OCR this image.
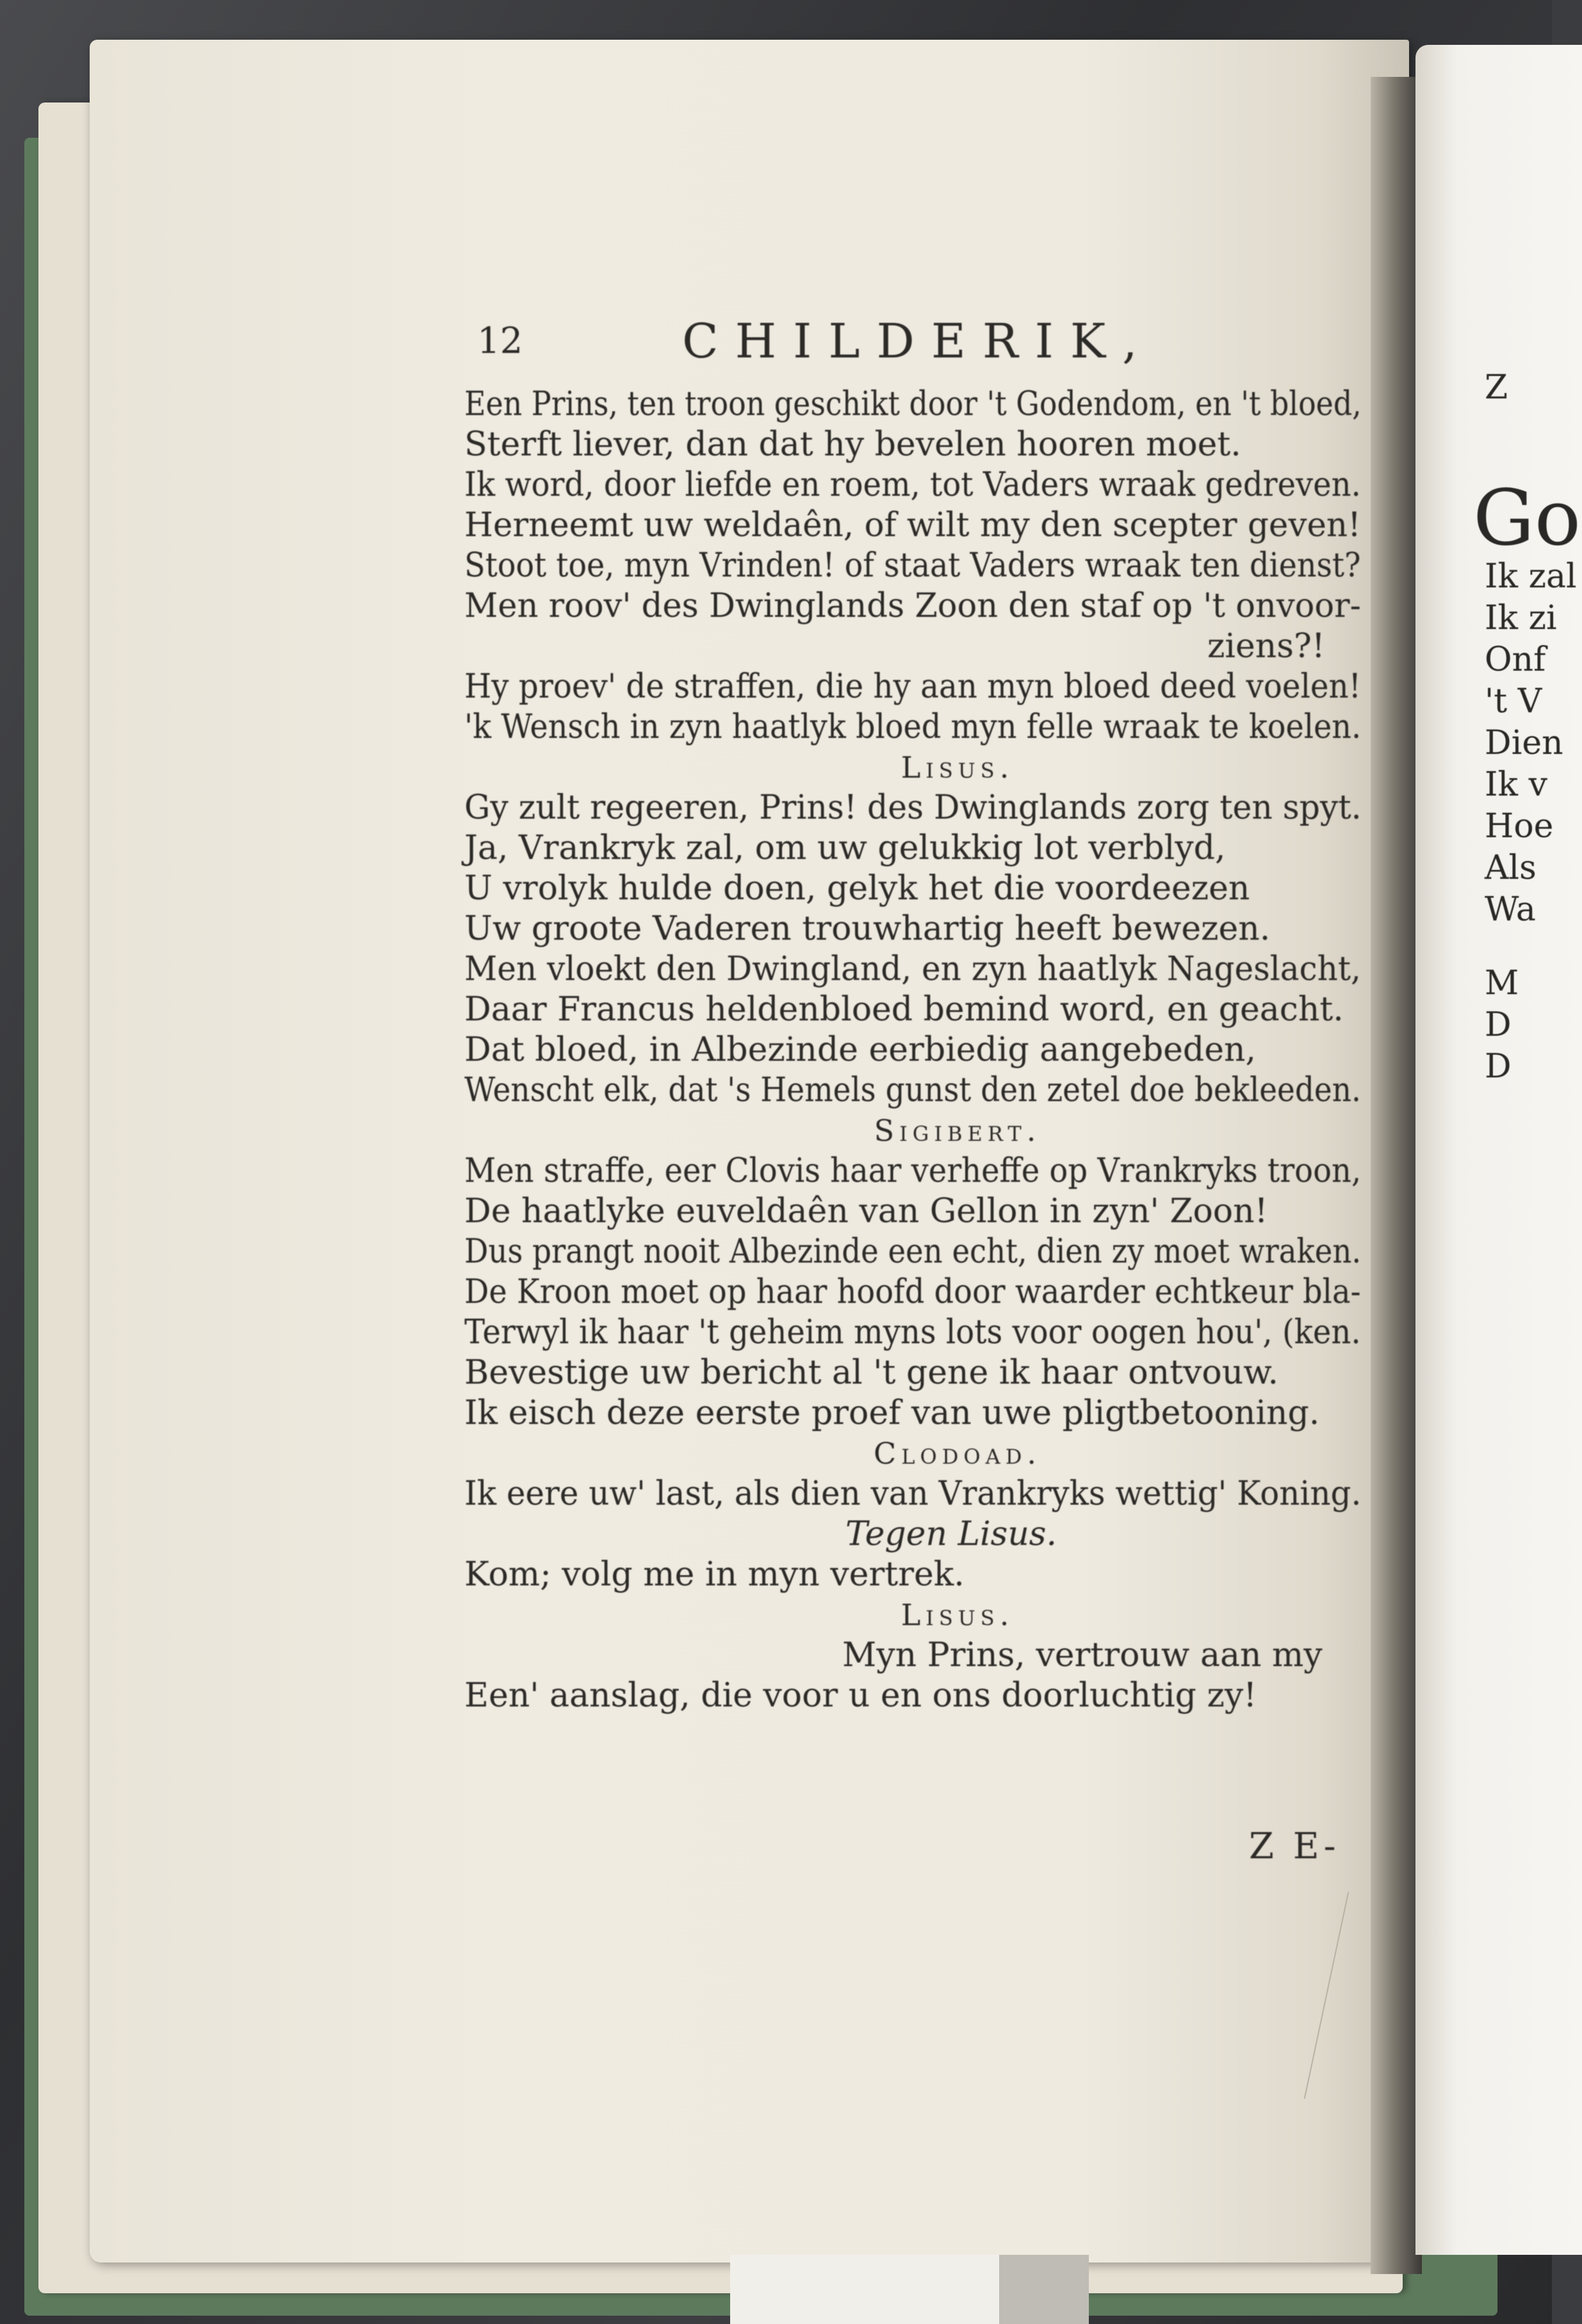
Z
Go
Ik zal
Ik zi
Onf
't V
Dien
Ik v
Hoe
Als
Wa
M
D
D
12	CHILDERIK,
Een Prins, ten troon geschikt door 't Godendom, en 't bloed,
Sterft liever, dan dat hy bevelen hooren moet.
Ik word, door liefde en roem, tot Vaders wraak gedreven.
Herneemt uw weldaên, of wilt my den scepter geven!
Stoot toe, myn Vrinden! of staat Vaders wraak ten dienst?
Men roov' des Dwinglands Zoon den staf op 't onvoor-
ziens?!
Hy proev' de straffen, die hy aan myn bloed deed voelen!
'k Wensch in zyn haatlyk bloed myn felle wraak te koelen.
Lisus.
Gy zult regeeren, Prins! des Dwinglands zorg ten spyt.
Ja, Vrankryk zal, om uw gelukkig lot verblyd,
U vrolyk hulde doen, gelyk het die voordeezen
Uw groote Vaderen trouwhartig heeft bewezen.
Men vloekt den Dwingland, en zyn haatlyk Nageslacht,
Daar Francus heldenbloed bemind word, en geacht.
Dat bloed, in Albezinde eerbiedig aangebeden,
Wenscht elk, dat 's Hemels gunst den zetel doe bekleeden.
Sigibert.
Men straffe, eer Clovis haar verheffe op Vrankryks troon,
De haatlyke euveldaên van Gellon in zyn' Zoon!
Dus prangt nooit Albezinde een echt, dien zy moet wraken.
De Kroon moet op haar hoofd door waarder echtkeur bla-
Terwyl ik haar 't geheim myns lots voor oogen hou', (ken.
Bevestige uw bericht al 't gene ik haar ontvouw.
Ik eisch deze eerste proef van uwe pligtbetooning.
Clodoad.
Ik eere uw' last, als dien van Vrankryks wettig' Koning.
Tegen Lisus.
Kom; volg me in myn vertrek.
Lisus.
Myn Prins, vertrouw aan my
Een' aanslag, die voor u en ons doorluchtig zy!
Z E-
